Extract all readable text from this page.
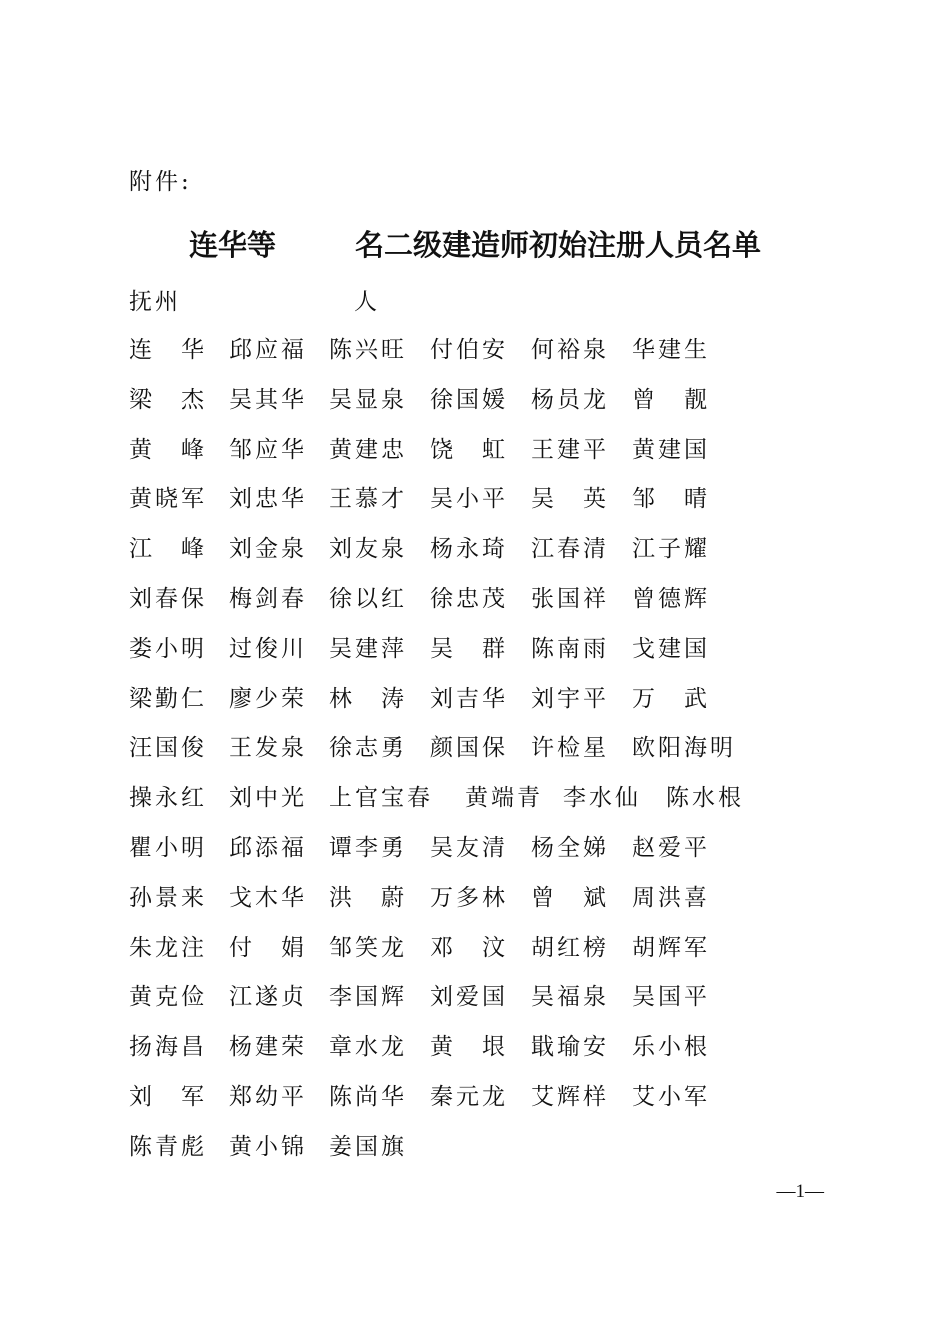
附件:
连华等	名二级建造师初始注册人员名单
抚州	人
连　华 邱应福 陈兴旺 付伯安 何裕泉 华建生
梁　杰 吴其华 吴显泉 徐国媛 杨员龙 曾　靓
黄　峰 邹应华 黄建忠 饶　虹 王建平 黄建国
黄晓军 刘忠华 王慕才 吴小平 吴　英 邹　晴
江　峰 刘金泉 刘友泉 杨永琦 江春清 江子耀
刘春保 梅剑春 徐以红 徐忠茂 张国祥 曾德辉
娄小明 过俊川 吴建萍 吴　群 陈南雨 戈建国
梁勤仁 廖少荣 林　涛 刘吉华 刘宇平 万　武
汪国俊 王发泉 徐志勇 颜国保 许检星 欧阳海明
操永红 刘中光 上官宝春 黄端青 李水仙 陈水根
瞿小明 邱添福 谭李勇 吴友清 杨全娣 赵爱平
孙景来 戈木华 洪　蔚 万多林 曾　斌 周洪喜
朱龙注 付　娟 邹笑龙 邓　汶 胡红榜 胡辉军
黄克俭 江遂贞 李国辉 刘爱国 吴福泉 吴国平
扬海昌 杨建荣 章水龙 黄　垠 戢瑜安 乐小根
刘　军 郑幼平 陈尚华 秦元龙 艾辉样 艾小军
陈青彪 黄小锦 姜国旗
—1—
